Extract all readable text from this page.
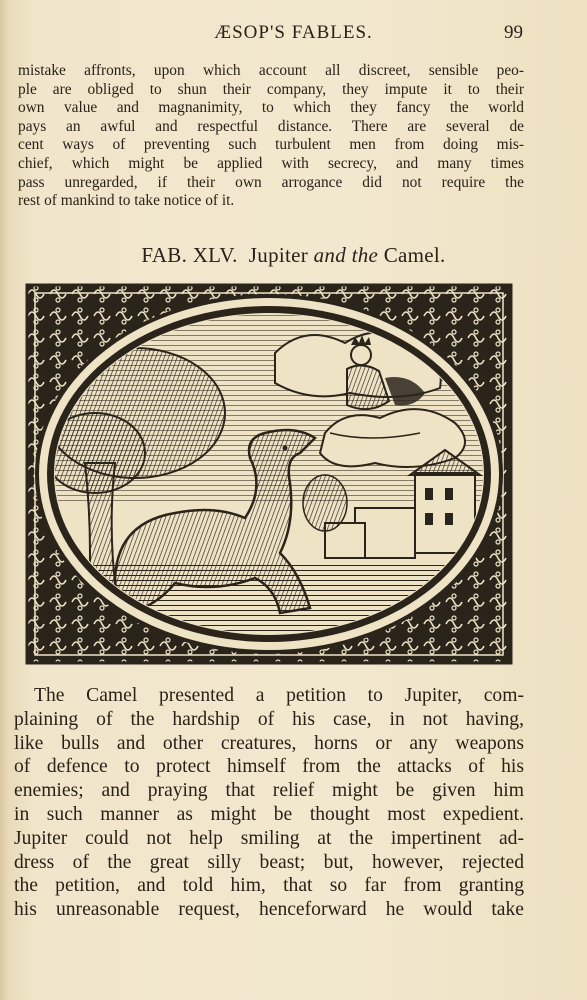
ÆSOP'S FABLES.	99
mistake affronts, upon which account all discreet, sensible peo-
ple are obliged to shun their company, they impute it to their
own value and magnanimity, to which they fancy the world
pays an awful and respectful distance. There are several de
cent ways of preventing such turbulent men from doing mis-
chief, which might be applied with secrecy, and many times
pass unregarded, if their own arrogance did not require the
rest of mankind to take notice of it.
FAB. XLV. Jupiter and the Camel.
The Camel presented a petition to Jupiter, com-
plaining of the hardship of his case, in not having,
like bulls and other creatures, horns or any weapons
of defence to protect himself from the attacks of his
enemies; and praying that relief might be given him
in such manner as might be thought most expedient.
Jupiter could not help smiling at the impertinent ad-
dress of the great silly beast; but, however, rejected
the petition, and told him, that so far from granting
his unreasonable request, henceforward he would take
